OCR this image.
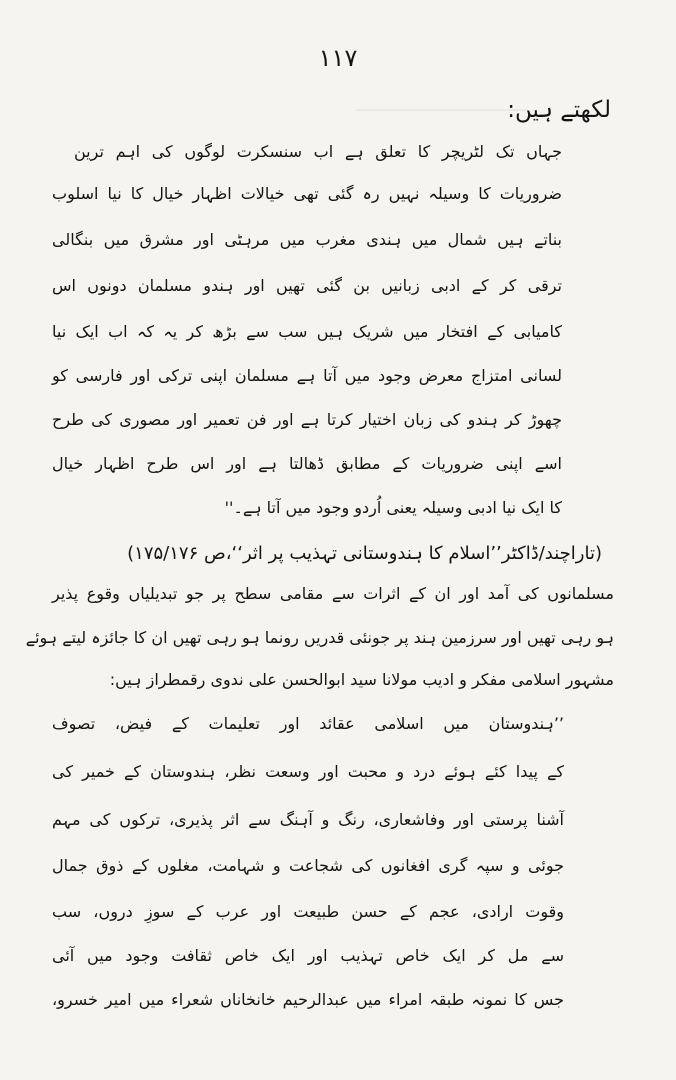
۱۱۷
ـــــــــــــــــــــــــــــ
لکھتے ہیں:
جہاں تک لٹریچر کا تعلق ہے اب سنسکرت لوگوں کی اہم ترین
ضروریات کا وسیلہ نہیں رہ گئی تھی خیالات اظہار خیال کا نیا اسلوب
بناتے ہیں شمال میں ہندی مغرب میں مرہٹی اور مشرق میں بنگالی
ترقی کر کے ادبی زبانیں بن گئی تھیں اور ہندو مسلمان دونوں اس
کامیابی کے افتخار میں شریک ہیں سب سے بڑھ کر یہ کہ اب ایک نیا
لسانی امتزاج معرض وجود میں آتا ہے مسلمان اپنی ترکی اور فارسی کو
چھوڑ کر ہندو کی زبان اختیار کرتا ہے اور فن تعمیر اور مصوری کی طرح
اسے اپنی ضروریات کے مطابق ڈھالتا ہے اور اس طرح اظہار خیال
کا ایک نیا ادبی وسیلہ یعنی اُردو وجود میں آتا ہے۔''
(تاراچند/ڈاکٹر’’اسلام کا ہندوستانی تہذیب پر اثر‘‘،ص ۱۷۵/۱۷۶)
مسلمانوں کی آمد اور ان کے اثرات سے مقامی سطح پر جو تبدیلیاں وقوع پذیر
ہو رہی تھیں اور سرزمین ہند پر جونئی قدریں رونما ہو رہی تھیں ان کا جائزہ لیتے ہوئے
مشہور اسلامی مفکر و ادیب مولانا سید ابوالحسن علی ندوی رقمطراز ہیں:
’’ہندوستان میں اسلامی عقائد اور تعلیمات کے فیض، تصوف
کے پیدا کئے ہوئے درد و محبت اور وسعت نظر، ہندوستان کے خمیر کی
آشنا پرستی اور وفاشعاری، رنگ و آہنگ سے اثر پذیری، ترکوں کی مہم
جوئی و سپہ گری افغانوں کی شجاعت و شہامت، مغلوں کے ذوق جمال
وقوت ارادی، عجم کے حسن طبیعت اور عرب کے سوزِ دروں، سب
سے مل کر ایک خاص تہذیب اور ایک خاص ثقافت وجود میں آئی
جس کا نمونہ طبقہ امراء میں عبدالرحیم خانخاناں شعراء میں امیر خسرو،
